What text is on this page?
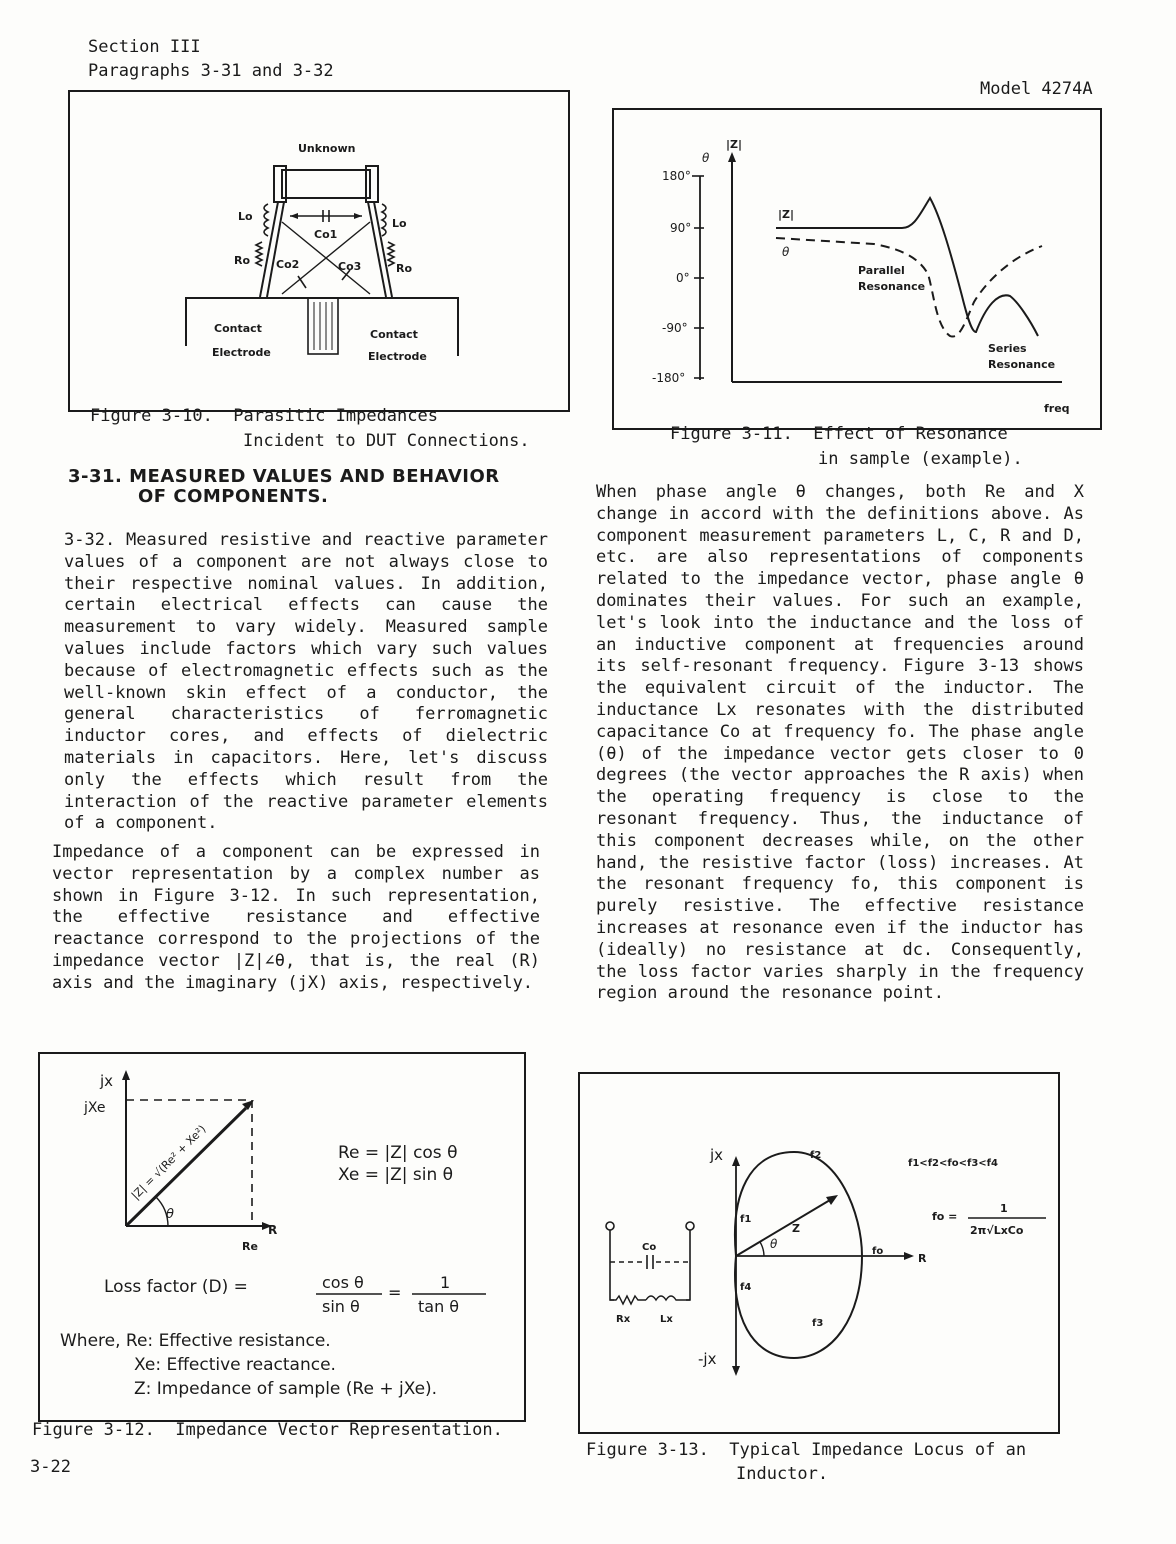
Section III
Paragraphs 3-31 and 3-32
Model 4274A
Unknown
Lo
Lo
Ro
Ro
Co1
Co2	Co3
Contact
Electrode
Contact
Electrode
Figure 3-10.  Parasitic Impedances
Incident to DUT Connections.
|Z|
θ
180°
90°
0°
-90°
-180°
|Z|
θ
Parallel
Resonance
Series
Resonance
freq
Figure 3-11.  Effect of Resonance
in sample (example).
3-31. MEASURED VALUES AND BEHAVIOR
OF COMPONENTS.

3-32. Measured resistive and reactive parameter values of a component are not always close to their respective nominal values. In addition, certain electrical effects can cause the measurement to vary widely. Measured sample values include factors which vary such values because of electromagnetic effects such as the well-known skin effect of a conductor, the general characteristics of ferromagnetic inductor cores, and effects of dielectric materials in capacitors. Here, let's discuss only the effects which result from the interaction of the reactive parameter elements of a component.

Impedance of a component can be expressed in vector representation by a complex number as shown in Figure 3-12. In such representation, the effective resistance and effective reactance correspond to the projections of the impedance vector |Z|∠θ, that is, the real (R) axis and the imaginary (jX) axis, respectively.

When phase angle θ changes, both Re and X change in accord with the definitions above. As component measurement parameters L, C, R and D, etc. are also representations of components related to the impedance vector, phase angle θ dominates their values. For such an example, let's look into the inductance and the loss of an inductive component at frequencies around its self-resonant frequency. Figure 3-13 shows the equivalent circuit of the inductor. The inductance Lx resonates with the distributed capacitance Co at frequency fo. The phase angle (θ) of the impedance vector gets closer to 0 degrees (the vector approaches the R axis) when the operating frequency is close to the resonant frequency. Thus, the inductance of this component decreases while, on the other hand, the resistive factor (loss) increases. At the resonant frequency fo, this component is purely resistive. The effective resistance increases at resonance even if the inductor has (ideally) no resistance at dc. Consequently, the loss factor varies sharply in the frequency region around the resonance point.

θ
jx
jXe
R
Re
|Z| = √(Re² + Xe²)	Re = |Z| cos θ
Xe = |Z| sin θ
Loss factor (D) =	cos θ
sin θ
=
1
tan θ
Where, Re: Effective resistance.
Xe: Effective reactance.
Z: Impedance of sample (Re + jXe).
Figure 3-12.  Impedance Vector Representation.
jx
-jx
R
θ
Z
f2
f1
fo
f4
f3
f1<f2<fo<f3<f4
fo =
1
2π√LxCo
Co
Rx	Lx
Figure 3-13.  Typical Impedance Locus of an
Inductor.
3-22
